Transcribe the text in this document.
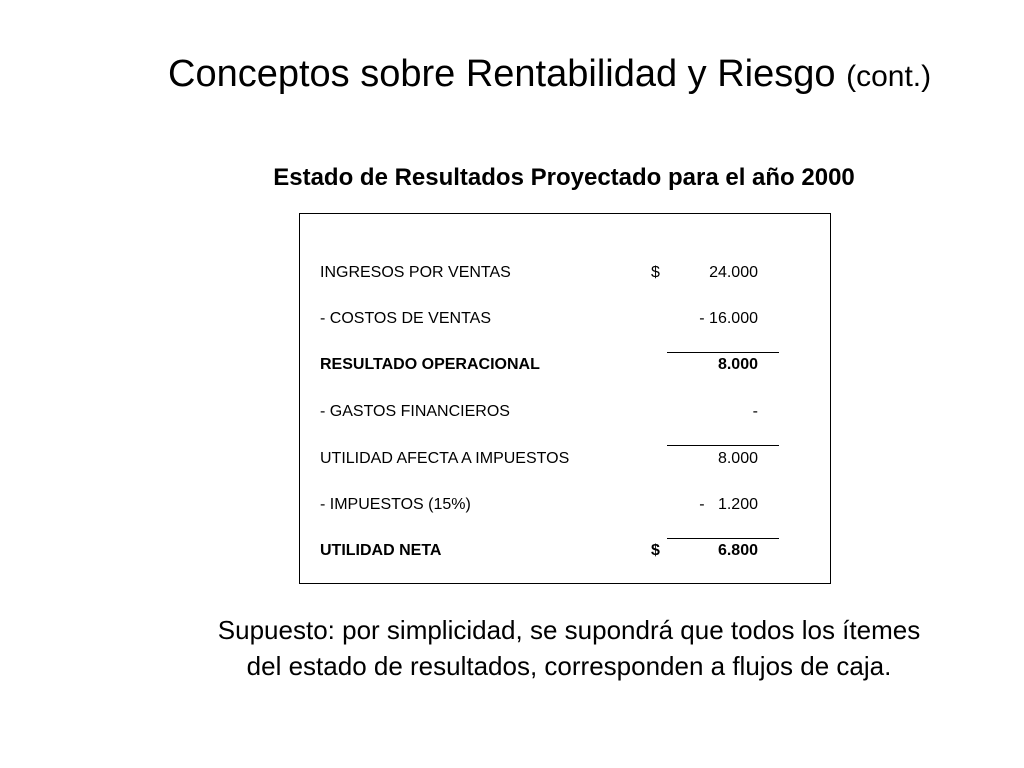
Conceptos sobre Rentabilidad y Riesgo (cont.)
Estado de Resultados Proyectado para el año 2000
INGRESOS POR VENTAS	$	24.000
- COSTOS DE VENTAS	- 16.000
RESULTADO OPERACIONAL	8.000
- GASTOS FINANCIEROS	-
UTILIDAD AFECTA A IMPUESTOS	8.000
- IMPUESTOS (15%)	-   1.200
UTILIDAD NETA	$	6.800
Supuesto: por simplicidad, se supondrá que todos los ítemes
del estado de resultados, corresponden a flujos de caja.
